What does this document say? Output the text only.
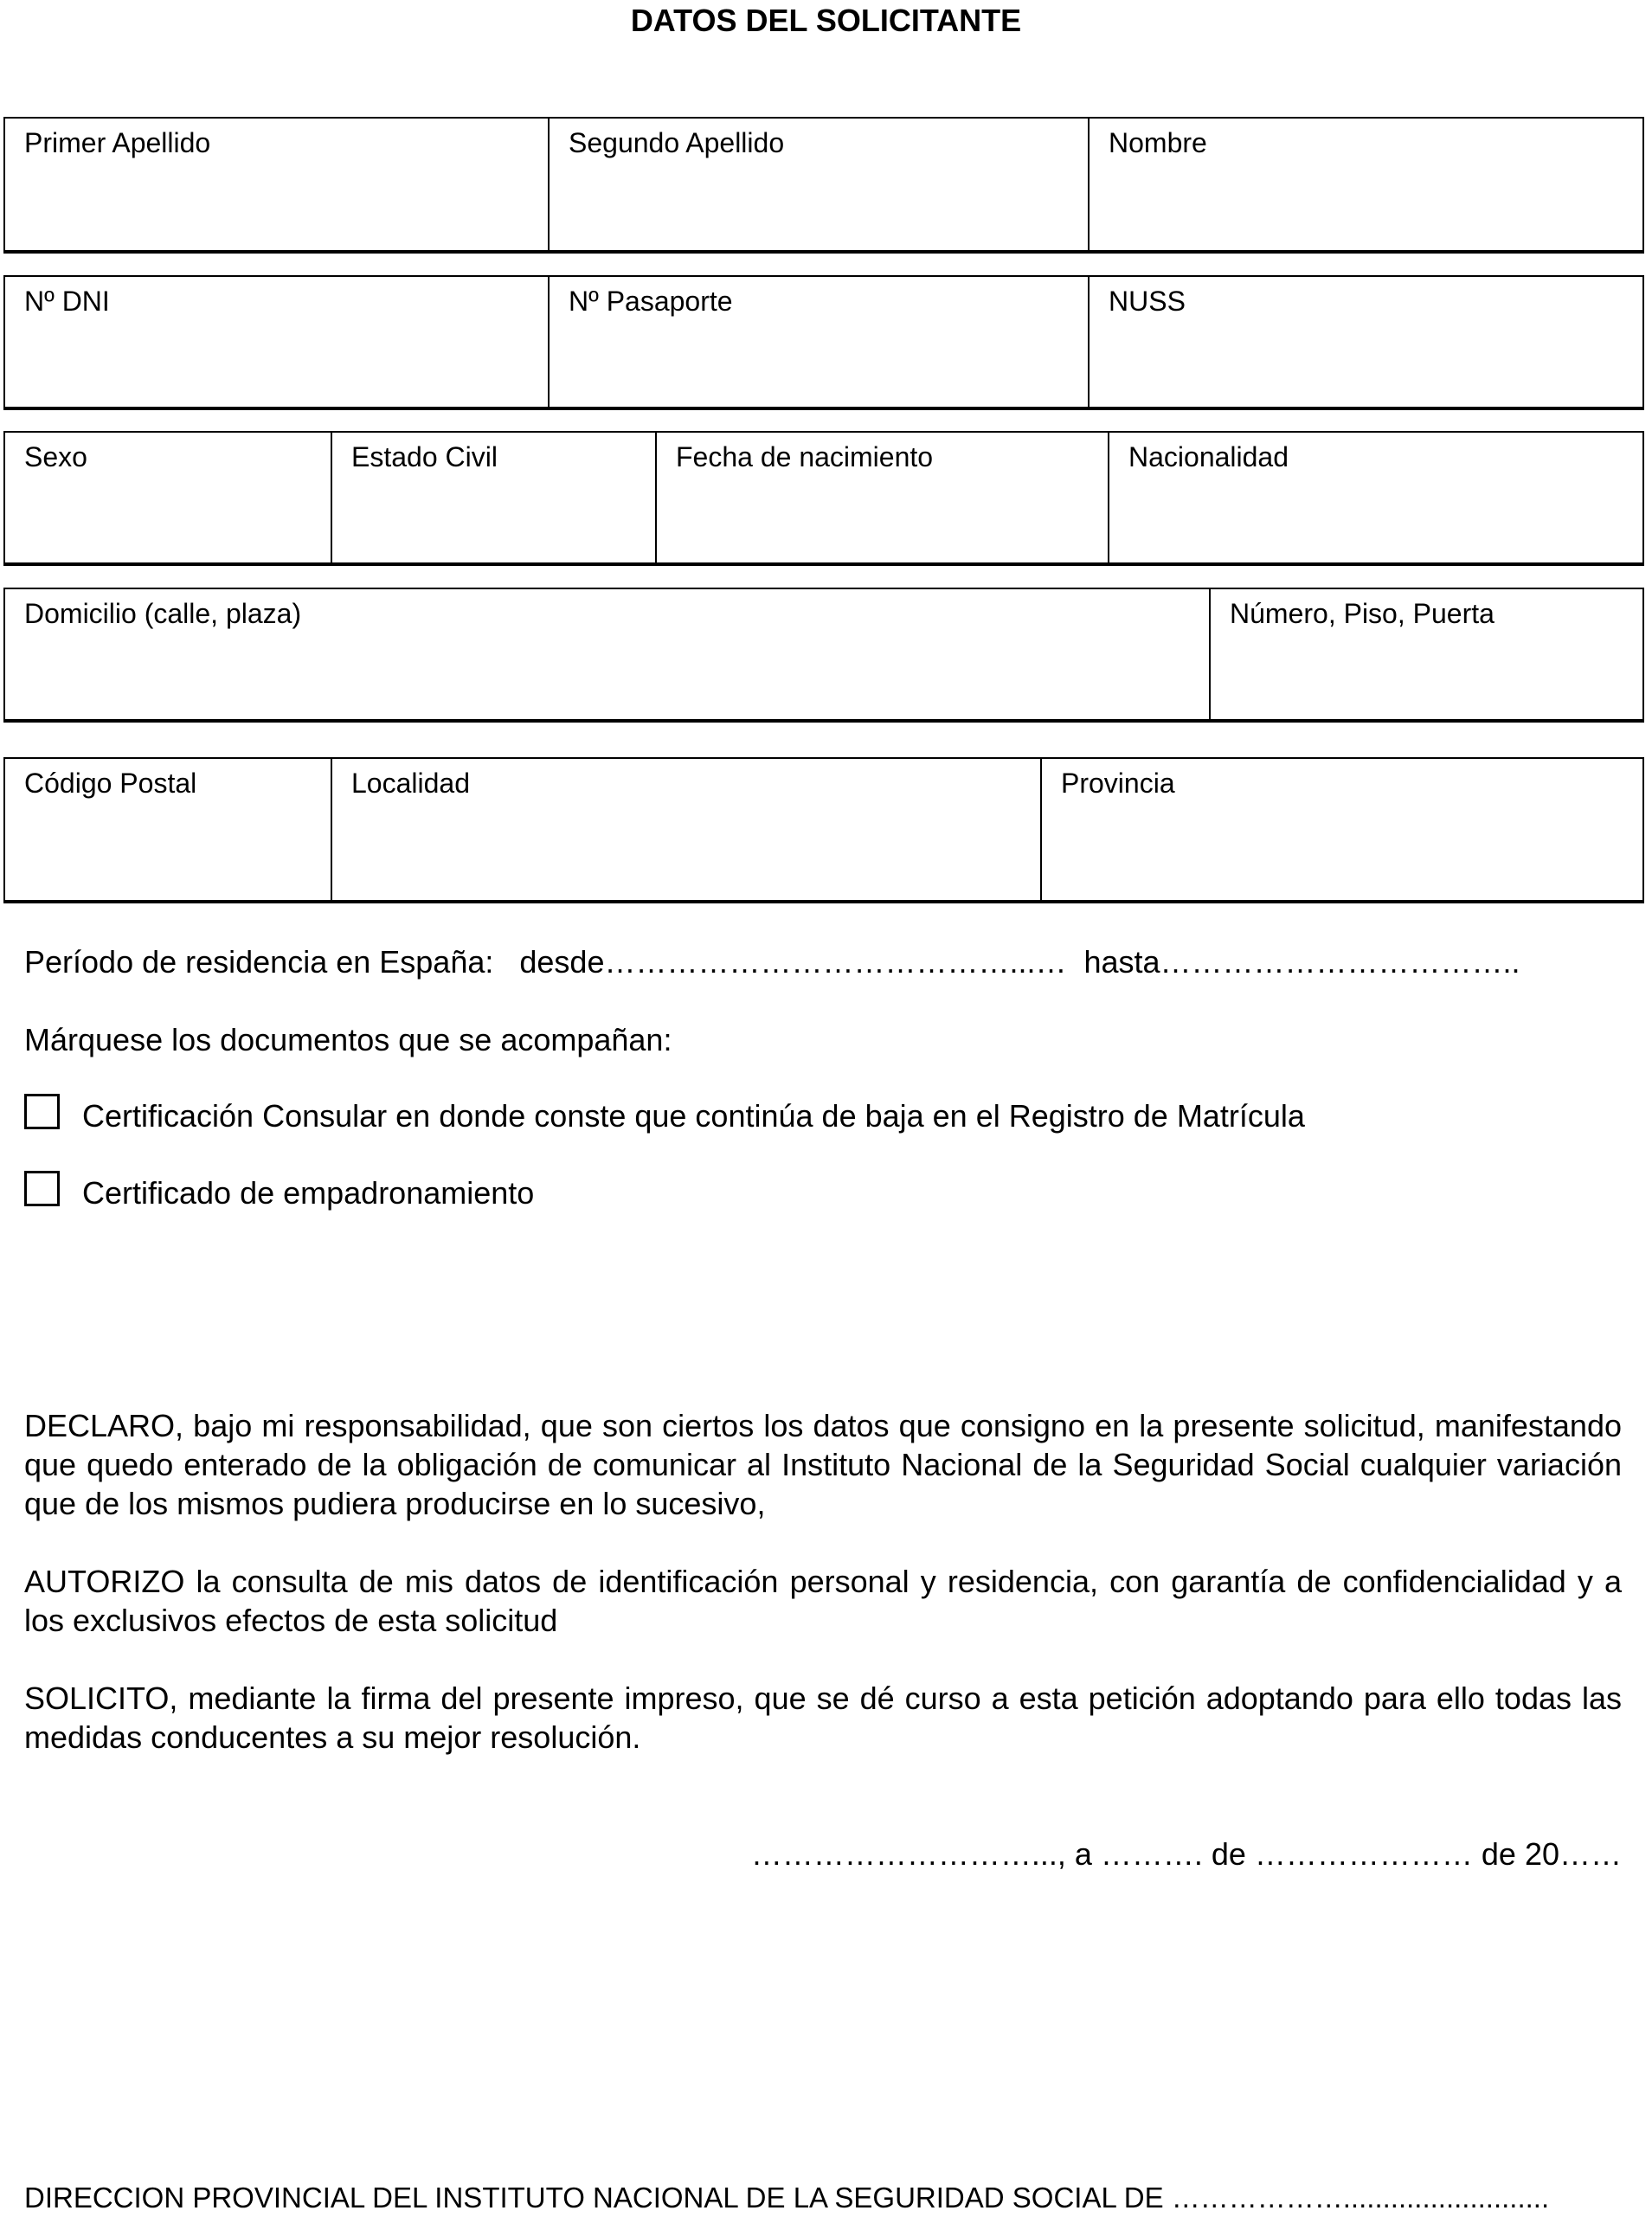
DATOS DEL SOLICITANTE
Primer Apellido	Segundo Apellido	Nombre
Nº DNI	Nº Pasaporte	NUSS
Sexo	Estado Civil	Fecha de nacimiento	Nacionalidad
Domicilio (calle, plaza)	Número, Piso, Puerta
Código Postal	Localidad	Provincia
Período de residencia en España:   desde…………………………………...…  hasta……………………………..
Márquese los documentos que se acompañan:
Certificación Consular en donde conste que continúa de baja en el Registro de Matrícula
Certificado de empadronamiento
DECLARO, bajo mi responsabilidad, que son ciertos los datos que consigno en la presente solicitud, manifestando que quedo enterado de la obligación de comunicar al Instituto Nacional de la Seguridad Social cualquier variación que de los mismos pudiera producirse en lo sucesivo,
AUTORIZO la consulta de mis datos de identificación personal y residencia, con garantía de confidencialidad y a los exclusivos efectos de esta solicitud
SOLICITO, mediante la firma del presente impreso, que se dé curso a esta petición adoptando para ello todas las medidas conducentes a su mejor resolución.
………………………..., a ………. de ………………… de 20……
DIRECCION PROVINCIAL DEL INSTITUTO NACIONAL DE LA SEGURIDAD SOCIAL DE ………………..........................
